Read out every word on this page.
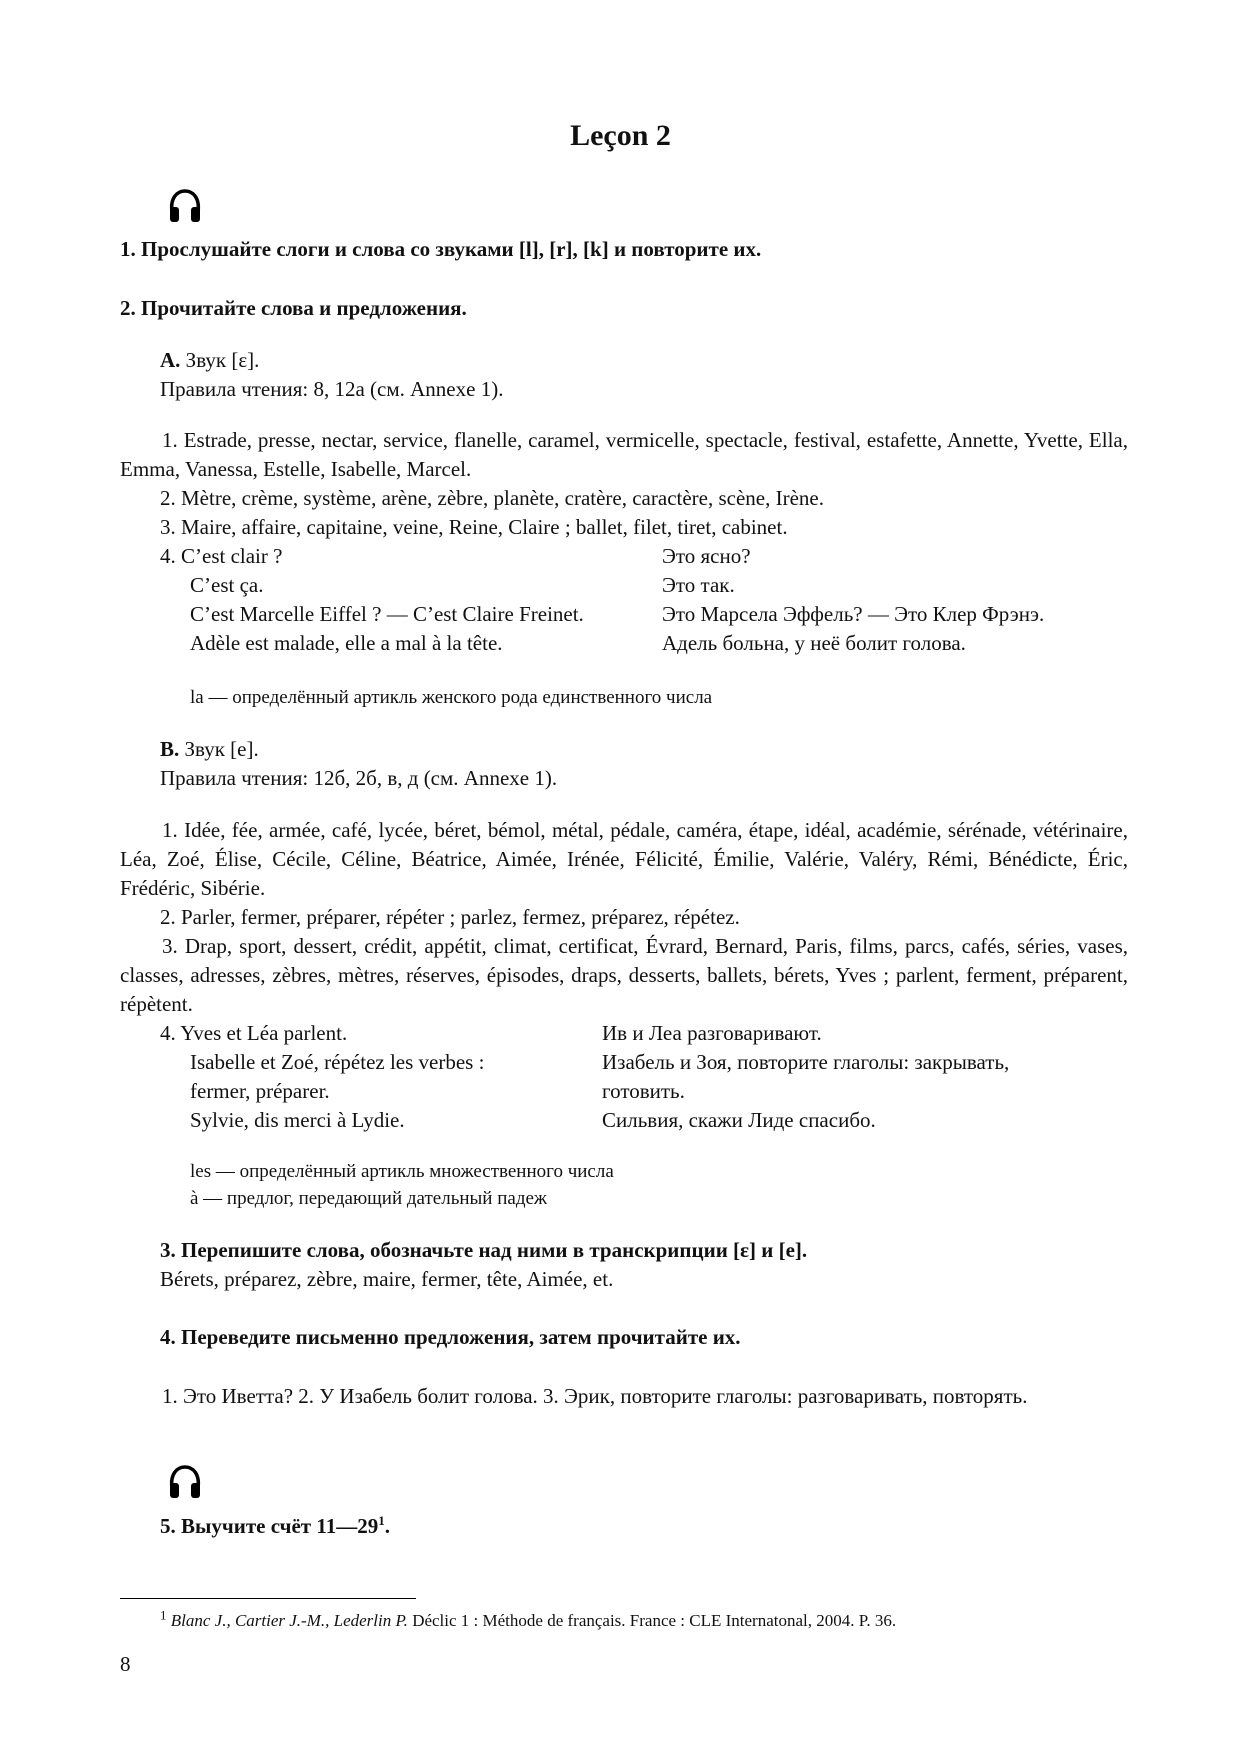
Leçon 2
1. Прослушайте слоги и слова со звуками [l], [r], [k] и повторите их.
2. Прочитайте слова и предложения.
A. Звук [ɛ].
Правила чтения: 8, 12а (см. Annexe 1).

1. Estrade, presse, nectar, service, flanelle, caramel, vermicelle, spectacle, festival, estafette, Annette, Yvette, Ella, Emma, Vanessa, Estelle, Isabelle, Marcel.

2. Mètre, crème, système, arène, zèbre, planète, cratère, caractère, scène, Irène.
3. Maire, affaire, capitaine, veine, Reine, Claire ; ballet, filet, tiret, cabinet.
4. C’est clair ?	Это ясно?
C’est ça.	Это так.
C’est Marcelle Eiffel ? — C’est Claire Freinet.	Это Марсела Эффель? — Это Клер Фрэнэ.
Adèle est malade, elle a mal à la tête.	Адель больна, у неё болит голова.
la — определённый артикль женского рода единственного числа
B. Звук [e].
Правила чтения: 12б, 2б, в, д (см. Annexe 1).

1. Idée, fée, armée, café, lycée, béret, bémol, métal, pédale, caméra, étape, idéal, académie, sérénade, vétérinaire, Léa, Zoé, Élise, Cécile, Céline, Béatrice, Aimée, Irénée, Félicité, Émilie, Valérie, Valéry, Rémi, Bénédicte, Éric, Frédéric, Sibérie.

2. Parler, fermer, préparer, répéter ; parlez, fermez, préparez, répétez.

3. Drap, sport, dessert, crédit, appétit, climat, certificat, Évrard, Bernard, Paris, films, parcs, cafés, séries, vases, classes, adresses, zèbres, mètres, réserves, épisodes, draps, desserts, ballets, bérets, Yves ; parlent, ferment, préparent, répètent.

4. Yves et Léa parlent.	Ив и Леа разговаривают.
Isabelle et Zoé, répétez les verbes :	Изабель и Зоя, повторите глаголы: закрывать,
fermer, préparer.	готовить.
Sylvie, dis merci à Lydie.	Сильвия, скажи Лиде спасибо.
les — определённый артикль множественного числа
à — предлог, передающий дательный падеж
3. Перепишите слова, обозначьте над ними в транскрипции [ɛ] и [e].
Bérets, préparez, zèbre, maire, fermer, tête, Aimée, et.
4. Переведите письменно предложения, затем прочитайте их.

1. Это Иветта? 2. У Изабель болит голова. 3. Эрик, повторите глаголы: разговаривать, повторять.

5. Выучите счёт $11—29^1$.
$^1$ Blanc J., Cartier J.-M., Lederlin P. Déclic 1 : Méthode de français. France : CLE Internatonal, 2004. P. 36.
8
